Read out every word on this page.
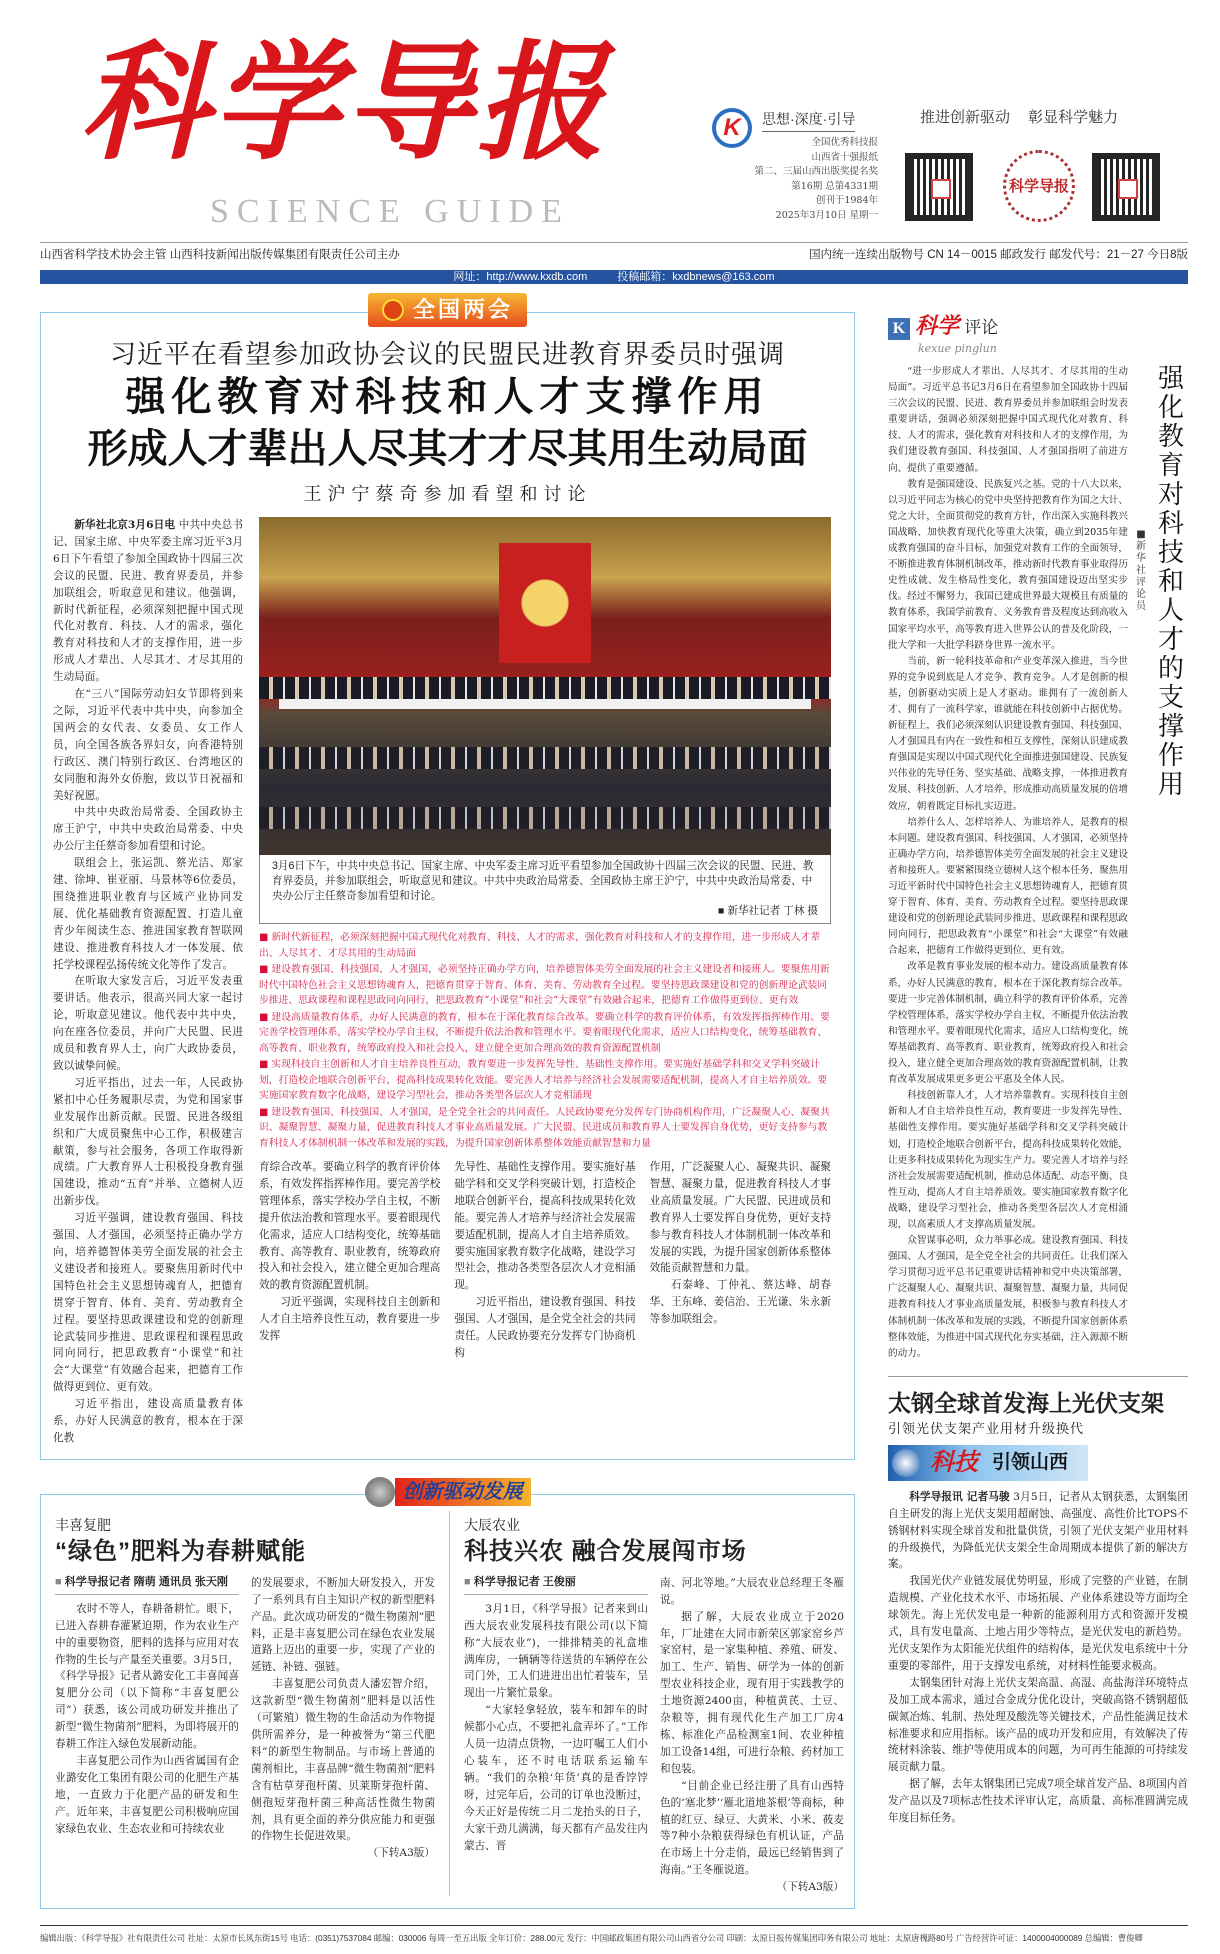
科学导报
SCIENCE GUIDE
K	思想·深度·引导
全国优秀科技报
山西省十强报纸
第二、三届山西出版奖提名奖
第16期 总第4331期
创刊于1984年
2025年3月10日 星期一
推进创新驱动 彰显科学魅力
科学导报
山西省科学技术协会主管 山西科技新闻出版传媒集团有限责任公司主办	国内统一连续出版物号 CN 14－0015 邮政发行 邮发代号：21－27 今日8版
网址：http://www.kxdb.com	投稿邮箱：kxdbnews@163.com
全国两会
习近平在看望参加政协会议的民盟民进教育界委员时强调
强化教育对科技和人才支撑作用
形成人才辈出人尽其才才尽其用生动局面
王沪宁蔡奇参加看望和讨论

新华社北京3月6日电 中共中央总书记、国家主席、中央军委主席习近平3月6日下午看望了参加全国政协十四届三次会议的民盟、民进、教育界委员，并参加联组会，听取意见和建议。他强调，新时代新征程，必须深刻把握中国式现代化对教育、科技、人才的需求，强化教育对科技和人才的支撑作用，进一步形成人才辈出、人尽其才、才尽其用的生动局面。

在“三八”国际劳动妇女节即将到来之际，习近平代表中共中央，向参加全国两会的女代表、女委员、女工作人员，向全国各族各界妇女，向香港特别行政区、澳门特别行政区、台湾地区的女同胞和海外女侨胞，致以节日祝福和美好祝愿。

中共中央政治局常委、全国政协主席王沪宁，中共中央政治局常委、中央办公厅主任蔡奇参加看望和讨论。

联组会上，张运凯、蔡光洁、郑家建、徐坤、崔亚丽、马景林等6位委员，围绕推进职业教育与区域产业协同发展、优化基础教育资源配置、打造儿童青少年阅读生态、推进国家教育智联网建设、推进教育科技人才一体发展、依托学校课程弘扬传统文化等作了发言。

在听取大家发言后，习近平发表重要讲话。他表示，很高兴同大家一起讨论，听取意见建议。他代表中共中央，向在座各位委员，并向广大民盟、民进成员和教育界人士，向广大政协委员，致以诚挚问候。

习近平指出，过去一年，人民政协紧扣中心任务履职尽责，为党和国家事业发展作出新贡献。民盟、民进各级组织和广大成员聚焦中心工作，积极建言献策，参与社会服务，各项工作取得新成绩。广大教育界人士积极投身教育强国建设，推动“五育”并举、立德树人迈出新步伐。

习近平强调，建设教育强国、科技强国、人才强国，必须坚持正确办学方向，培养德智体美劳全面发展的社会主义建设者和接班人。要聚焦用新时代中国特色社会主义思想铸魂育人，把德育贯穿于智育、体育、美育、劳动教育全过程。要坚持思政课建设和党的创新理论武装同步推进、思政课程和课程思政同向同行，把思政教育“小课堂”和社会“大课堂”有效融合起来，把德育工作做得更到位、更有效。

习近平指出，建设高质量教育体系，办好人民满意的教育，根本在于深化教

3月6日下午，中共中央总书记、国家主席、中央军委主席习近平看望参加全国政协十四届三次会议的民盟、民进、教育界委员，并参加联组会，听取意见和建议。中共中央政治局常委、全国政协主席王沪宁，中共中央政治局常委、中央办公厅主任蔡奇参加看望和讨论。
■ 新华社记者 丁林 摄

■ 新时代新征程，必须深刻把握中国式现代化对教育、科技、人才的需求，强化教育对科技和人才的支撑作用，进一步形成人才辈出、人尽其才、才尽其用的生动局面

■ 建设教育强国、科技强国、人才强国，必须坚持正确办学方向，培养德智体美劳全面发展的社会主义建设者和接班人。要聚焦用新时代中国特色社会主义思想铸魂育人，把德育贯穿于智育、体育、美育、劳动教育全过程。要坚持思政课建设和党的创新理论武装同步推进、思政课程和课程思政同向同行，把思政教育“小课堂”和社会“大课堂”有效融合起来，把德育工作做得更到位、更有效

■ 建设高质量教育体系，办好人民满意的教育，根本在于深化教育综合改革。要确立科学的教育评价体系，有效发挥指挥棒作用。要完善学校管理体系，落实学校办学自主权，不断提升依法治教和管理水平。要着眼现代化需求，适应人口结构变化，统筹基础教育、高等教育、职业教育，统筹政府投入和社会投入，建立健全更加合理高效的教育资源配置机制

■ 实现科技自主创新和人才自主培养良性互动，教育要进一步发挥先导性、基础性支撑作用。要实施好基础学科和交叉学科突破计划，打造校企地联合创新平台，提高科技成果转化效能。要完善人才培养与经济社会发展需要适配机制，提高人才自主培养质效。要实施国家教育数字化战略，建设学习型社会，推动各类型各层次人才竞相涌现

■ 建设教育强国、科技强国、人才强国，是全党全社会的共同责任。人民政协要充分发挥专门协商机构作用，广泛凝聚人心、凝聚共识、凝聚智慧、凝聚力量，促进教育科技人才事业高质量发展。广大民盟、民进成员和教育界人士要发挥自身优势，更好支持参与教育科技人才体制机制一体改革和发展的实践，为提升国家创新体系整体效能贡献智慧和力量

育综合改革。要确立科学的教育评价体系，有效发挥指挥棒作用。要完善学校管理体系，落实学校办学自主权，不断提升依法治教和管理水平。要着眼现代化需求，适应人口结构变化，统筹基础教育、高等教育、职业教育，统筹政府投入和社会投入，建立健全更加合理高效的教育资源配置机制。

习近平强调，实现科技自主创新和人才自主培养良性互动，教育要进一步发挥

先导性、基础性支撑作用。要实施好基础学科和交叉学科突破计划，打造校企地联合创新平台，提高科技成果转化效能。要完善人才培养与经济社会发展需要适配机制，提高人才自主培养质效。要实施国家教育数字化战略，建设学习型社会，推动各类型各层次人才竞相涌现。

习近平指出，建设教育强国、科技强国、人才强国，是全党全社会的共同责任。人民政协要充分发挥专门协商机构

作用，广泛凝聚人心、凝聚共识、凝聚智慧、凝聚力量，促进教育科技人才事业高质量发展。广大民盟、民进成员和教育界人士要发挥自身优势，更好支持参与教育科技人才体制机制一体改革和发展的实践，为提升国家创新体系整体效能贡献智慧和力量。

石泰峰、丁仲礼、蔡达峰、胡春华、王东峰、姜信治、王光谦、朱永新等参加联组会。

创新驱动发展
丰喜复肥
“绿色”肥料为春耕赋能
■ 科学导报记者 隋萌 通讯员 张天刚

农时不等人，春耕备耕忙。眼下，已进入春耕春灌紧迫期，作为农业生产中的重要物资，肥料的选择与应用对农作物的生长与产量至关重要。3月5日，《科学导报》记者从潞安化工丰喜闻喜复肥分公司（以下简称“丰喜复肥公司”）获悉，该公司成功研发并推出了新型“微生物菌剂”肥料，为即将展开的春耕工作注入绿色发展新动能。

丰喜复肥公司作为山西省属国有企业潞安化工集团有限公司的化肥生产基地，一直致力于化肥产品的研发和生产。近年来，丰喜复肥公司积极响应国家绿色农业、生态农业和可持续农业

的发展要求，不断加大研发投入，开发了一系列具有自主知识产权的新型肥料产品。此次成功研发的“微生物菌剂”肥料，正是丰喜复肥公司在绿色农业发展道路上迈出的重要一步，实现了产业的延链、补链、强链。

丰喜复肥公司负责人潘宏智介绍，这款新型“微生物菌剂”肥料是以活性（可繁殖）微生物的生命活动为作物提供所需养分，是一种被誉为“第三代肥料”的新型生物制品。与市场上普通的菌剂相比，丰喜品牌“微生物菌剂”肥料含有枯草芽孢杆菌、贝莱斯芽孢杆菌、侧孢短芽孢杆菌三种高活性微生物菌剂，具有更全面的养分供应能力和更强的作物生长促进效果。

（下转A3版）
大辰农业
科技兴农 融合发展闯市场
■ 科学导报记者 王俊丽

3月1日，《科学导报》记者来到山西大辰农业发展科技有限公司(以下简称“大辰农业”)，一排排精美的礼盒堆满库房，一辆辆等待送货的车辆停在公司门外，工人们进进出出忙着装车，呈现出一片繁忙景象。

“大家轻拿轻放，装车和卸车的时候都小心点，不要把礼盒弄坏了。”工作人员一边清点货物，一边叮嘱工人们小心装车，还不时电话联系运输车辆。“我们的杂粮‘年货’真的是香饽饽呀，过完年后，公司的订单也没断过，今天正好是传统二月二龙抬头的日子，大家干劲儿满满，每天都有产品发往内蒙古、晋

南、河北等地。”大辰农业总经理王冬雁说。

据了解，大辰农业成立于2020年，厂址建在大同市新荣区郭家窑乡芦家窑村，是一家集种植、养殖、研发、加工、生产、销售、研学为一体的创新型农业科技企业，现有用于实践教学的土地资源2400亩，种植黄芪、土豆、杂粮等，拥有现代化生产加工厂房4栋、标准化产品检测室1间、农业种植加工设备14组，可进行杂粮、药材加工和包装。

“目前企业已经注册了具有山西特色的‘塞北梦’‘雁北道地茶根’等商标，种植的红豆、绿豆、大黄米、小米、莜麦等7种小杂粮获得绿色有机认证，产品在市场上十分走俏，最远已经销售到了海南。”王冬雁说道。

（下转A3版）
K 科学 评论
kexue pinglun

“进一步形成人才辈出、人尽其才、才尽其用的生动局面”。习近平总书记3月6日在看望参加全国政协十四届三次会议的民盟、民进、教育界委员并参加联组会时发表重要讲话，强调必须深刻把握中国式现代化对教育、科技、人才的需求，强化教育对科技和人才的支撑作用，为我们建设教育强国、科技强国、人才强国指明了前进方向、提供了重要遵循。

教育是强国建设、民族复兴之基。党的十八大以来，以习近平同志为核心的党中央坚持把教育作为国之大计、党之大计，全面贯彻党的教育方针，作出深入实施科教兴国战略、加快教育现代化等重大决策，确立到2035年建成教育强国的奋斗目标，加强党对教育工作的全面领导，不断推进教育体制机制改革，推动新时代教育事业取得历史性成就、发生格局性变化，教育强国建设迈出坚实步伐。经过不懈努力，我国已建成世界最大规模且有质量的教育体系，我国学前教育、义务教育普及程度达到高收入国家平均水平，高等教育进入世界公认的普及化阶段，一批大学和一大批学科跻身世界一流水平。

当前，新一轮科技革命和产业变革深入推进，当今世界的竞争说到底是人才竞争、教育竞争。人才是创新的根基，创新驱动实质上是人才驱动。谁拥有了一流创新人才、拥有了一流科学家，谁就能在科技创新中占据优势。新征程上，我们必须深刻认识建设教育强国、科技强国、人才强国具有内在一致性和相互支撑性，深刻认识建成教育强国是实现以中国式现代化全面推进强国建设、民族复兴伟业的先导任务、坚实基础、战略支撑，一体推进教育发展、科技创新、人才培养，形成推动高质量发展的倍增效应，朝着既定目标扎实迈进。

培养什么人、怎样培养人、为谁培养人，是教育的根本问题。建设教育强国、科技强国、人才强国，必须坚持正确办学方向，培养德智体美劳全面发展的社会主义建设者和接班人。要紧紧围绕立德树人这个根本任务，聚焦用习近平新时代中国特色社会主义思想铸魂育人，把德育贯穿于智育、体育、美育、劳动教育全过程。要坚持思政课建设和党的创新理论武装同步推进、思政课程和课程思政同向同行，把思政教育“小课堂”和社会“大课堂”有效融合起来，把德育工作做得更到位、更有效。

改革是教育事业发展的根本动力。建设高质量教育体系，办好人民满意的教育，根本在于深化教育综合改革。要进一步完善体制机制，确立科学的教育评价体系，完善学校管理体系，落实学校办学自主权，不断提升依法治教和管理水平。要着眼现代化需求，适应人口结构变化，统筹基础教育、高等教育、职业教育，统筹政府投入和社会投入，建立健全更加合理高效的教育资源配置机制，让教育改革发展成果更多更公平惠及全体人民。

科技创新靠人才，人才培养靠教育。实现科技自主创新和人才自主培养良性互动，教育要进一步发挥先导性、基础性支撑作用。要实施好基础学科和交叉学科突破计划，打造校企地联合创新平台，提高科技成果转化效能，让更多科技成果转化为现实生产力。要完善人才培养与经济社会发展需要适配机制，推动总体适配、动态平衡、良性互动，提高人才自主培养质效。要实施国家教育数字化战略，建设学习型社会，推动各类型各层次人才竞相涌现，以高素质人才支撑高质量发展。

众智谋事必明，众力举事必成。建设教育强国、科技强国、人才强国，是全党全社会的共同责任。让我们深入学习贯彻习近平总书记重要讲话精神和党中央决策部署，广泛凝聚人心、凝聚共识、凝聚智慧、凝聚力量，共同促进教育科技人才事业高质量发展，积极参与教育科技人才体制机制一体改革和发展的实践，不断提升国家创新体系整体效能，为推进中国式现代化夯实基础，注入源源不断的动力。

■新华社评论员
强化教育对科技和人才的支撑作用
太钢全球首发海上光伏支架
引领光伏支架产业用材升级换代
科技 引领山西

科学导报讯 记者马骏 3月5日，记者从太钢获悉，太钢集团自主研发的海上光伏支架用超耐蚀、高强度、高性价比TOPS不锈钢材料实现全球首发和批量供货，引领了光伏支架产业用材料的升级换代，为降低光伏支架全生命周期成本提供了新的解决方案。

我国光伏产业链发展优势明显，形成了完整的产业链，在制造规模、产业化技术水平、市场拓展、产业体系建设等方面均全球领先。海上光伏发电是一种新的能源利用方式和资源开发模式，具有发电量高、土地占用少等特点，是光伏发电的新趋势。光伏支架作为太阳能光伏组件的结构体，是光伏发电系统中十分重要的零部件，用于支撑发电系统，对材料性能要求极高。

太钢集团针对海上光伏支架高温、高湿、高盐海洋环境特点及加工成本需求，通过合金成分优化设计，突破高铬不锈钢超低碳氮冶炼、轧制、热处理及酸洗等关键技术，产品性能满足技术标准要求和应用指标。该产品的成功开发和应用，有效解决了传统材料涂装、维护等使用成本的问题，为可再生能源的可持续发展贡献力量。

据了解，去年太钢集团已完成7项全球首发产品、8项国内首发产品以及7项标志性技术评审认定，高质量、高标准圆满完成年度目标任务。

编辑出版：《科学导报》社有限责任公司 社址：太原市长风东街15号 电话：(0351)7537084 邮编：030006 每周一至五出版 全年订价：288.00元 发行：中国邮政集团有限公司山西省分公司 印刷：太原日报传媒集团印务有限公司 地址：太原唐槐路80号 广告经营许可证：1400004000089 总编辑：曹俊卿
